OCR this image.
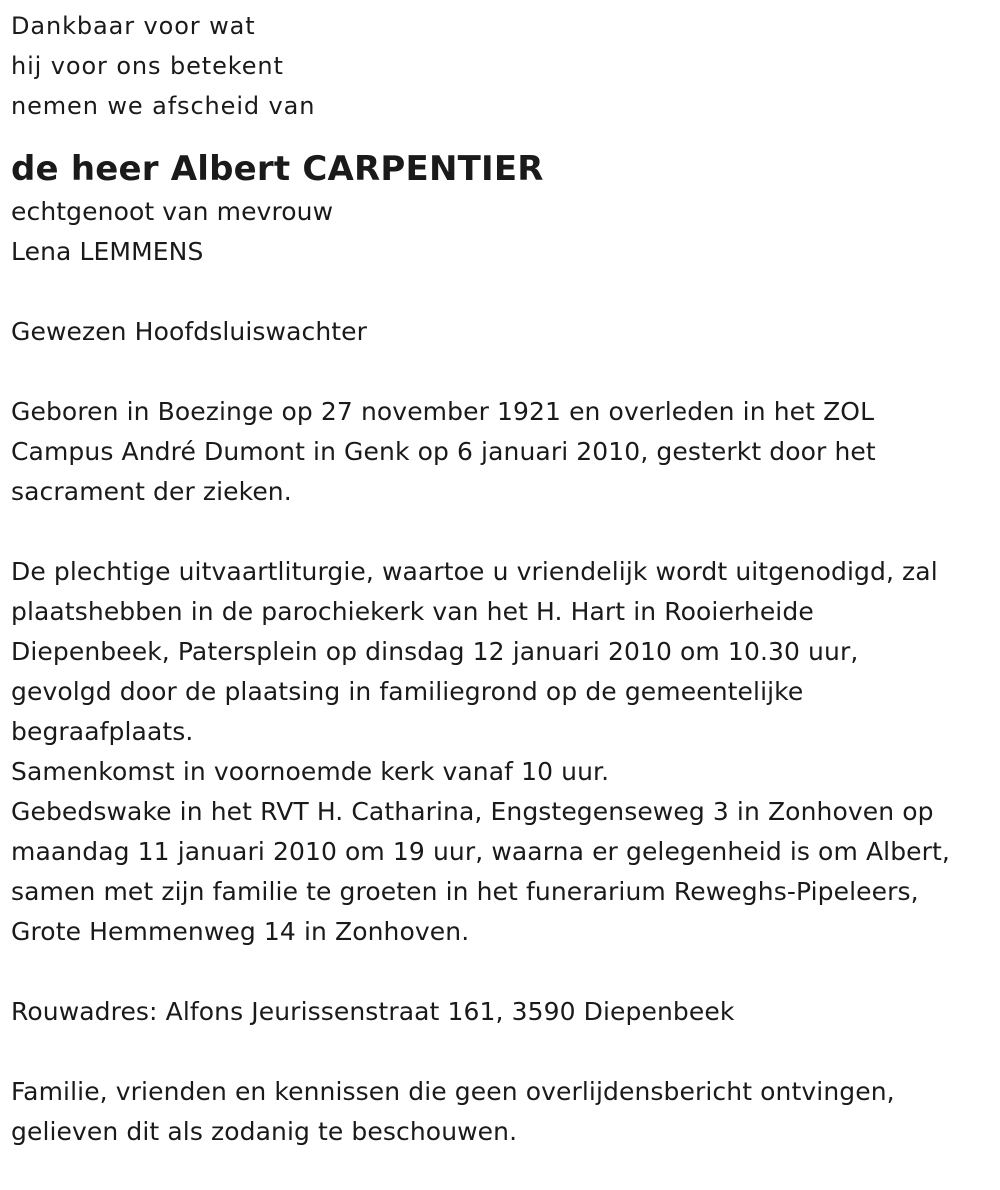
Dankbaar voor wat
hij voor ons betekent
nemen we afscheid van
de heer Albert CARPENTIER
echtgenoot van mevrouw
Lena LEMMENS
Gewezen Hoofdsluiswachter
Geboren in Boezinge op 27 november 1921 en overleden in het ZOL
Campus André Dumont in Genk op 6 januari 2010, gesterkt door het
sacrament der zieken.
De plechtige uitvaartliturgie, waartoe u vriendelijk wordt uitgenodigd, zal
plaatshebben in de parochiekerk van het H. Hart in Rooierheide
Diepenbeek, Patersplein op dinsdag 12 januari 2010 om 10.30 uur,
gevolgd door de plaatsing in familiegrond op de gemeentelijke
begraafplaats.
Samenkomst in voornoemde kerk vanaf 10 uur.
Gebedswake in het RVT H. Catharina, Engstegenseweg 3 in Zonhoven op
maandag 11 januari 2010 om 19 uur, waarna er gelegenheid is om Albert,
samen met zijn familie te groeten in het funerarium Reweghs-Pipeleers,
Grote Hemmenweg 14 in Zonhoven.
Rouwadres: Alfons Jeurissenstraat 161, 3590 Diepenbeek
Familie, vrienden en kennissen die geen overlijdensbericht ontvingen,
gelieven dit als zodanig te beschouwen.
